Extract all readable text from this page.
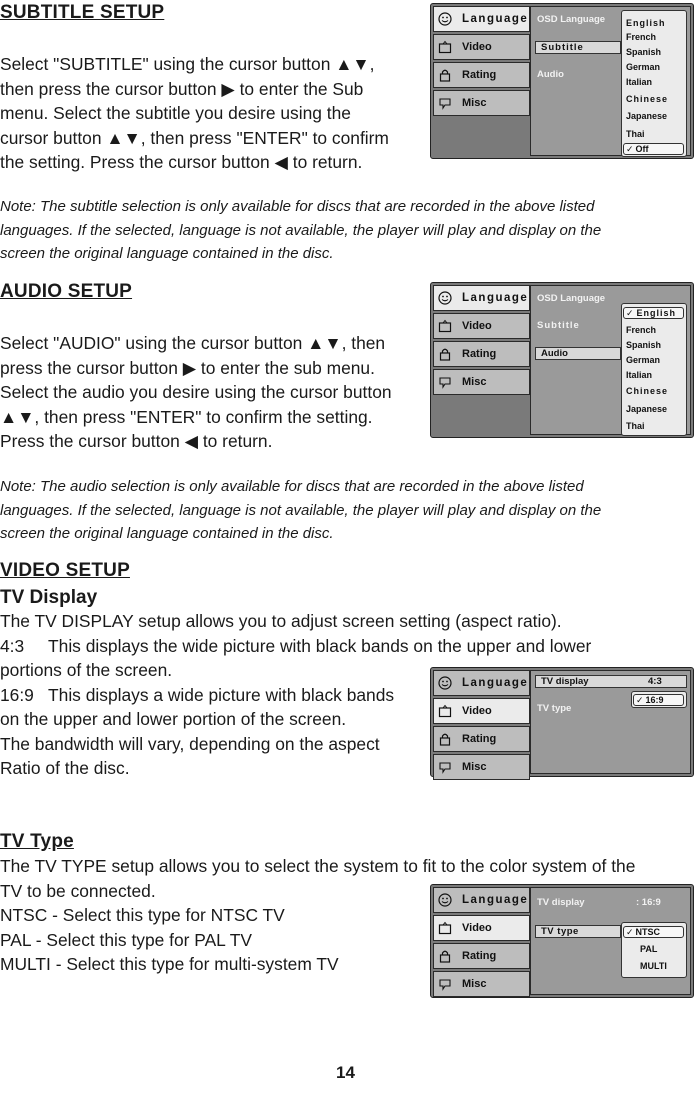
SUBTITLE SETUP
Select "SUBTITLE" using the cursor button ▲▼,
then press the cursor button ▶ to enter the Sub
menu. Select the subtitle you desire using the
cursor button ▲▼, then press "ENTER" to confirm
the setting. Press the cursor button ◀ to return.
Note: The subtitle selection is only available for discs that are recorded in the above listed
languages. If the selected, language is not available, the player will play and display on the
screen the original language contained in the disc.
Language
Video
Rating
Misc
OSD Language
Subtitle
Audio
English
French
Spanish
German
Italian
Chinese
Japanese
Thai
✓ Off
AUDIO SETUP
Select "AUDIO" using the cursor button ▲▼, then
press the cursor button ▶ to enter the sub menu.
Select the audio you desire using the cursor button
▲▼, then press "ENTER" to confirm the setting.
Press the cursor button ◀ to return.
Note: The audio selection is only available for discs that are recorded in the above listed
languages. If the selected, language is not available, the player will play and display on the
screen the original language contained in the disc.
Language
Video
Rating
Misc
OSD Language
Subtitle
Audio
✓ English
French
Spanish
German
Italian
Chinese
Japanese
Thai
VIDEO SETUP
TV Display
The TV DISPLAY setup allows you to adjust screen setting (aspect ratio).
4:3     This displays the wide picture with black bands on the upper and lower
portions of the screen.
16:9   This displays a wide picture with black bands
on the upper and lower portion of the screen.
The bandwidth will vary, depending on the aspect
Ratio of the disc.
Language
Video
Rating
Misc
TV display	4:3
TV type
✓ 16:9
TV Type
The TV TYPE setup allows you to select the system to fit to the color system of the
TV to be connected.
NTSC - Select this type for NTSC TV
PAL - Select this type for PAL TV
MULTI - Select this type for multi-system TV
Language
Video
Rating
Misc
TV display	: 16:9
TV type	✓ NTSC
PAL
MULTI
14
